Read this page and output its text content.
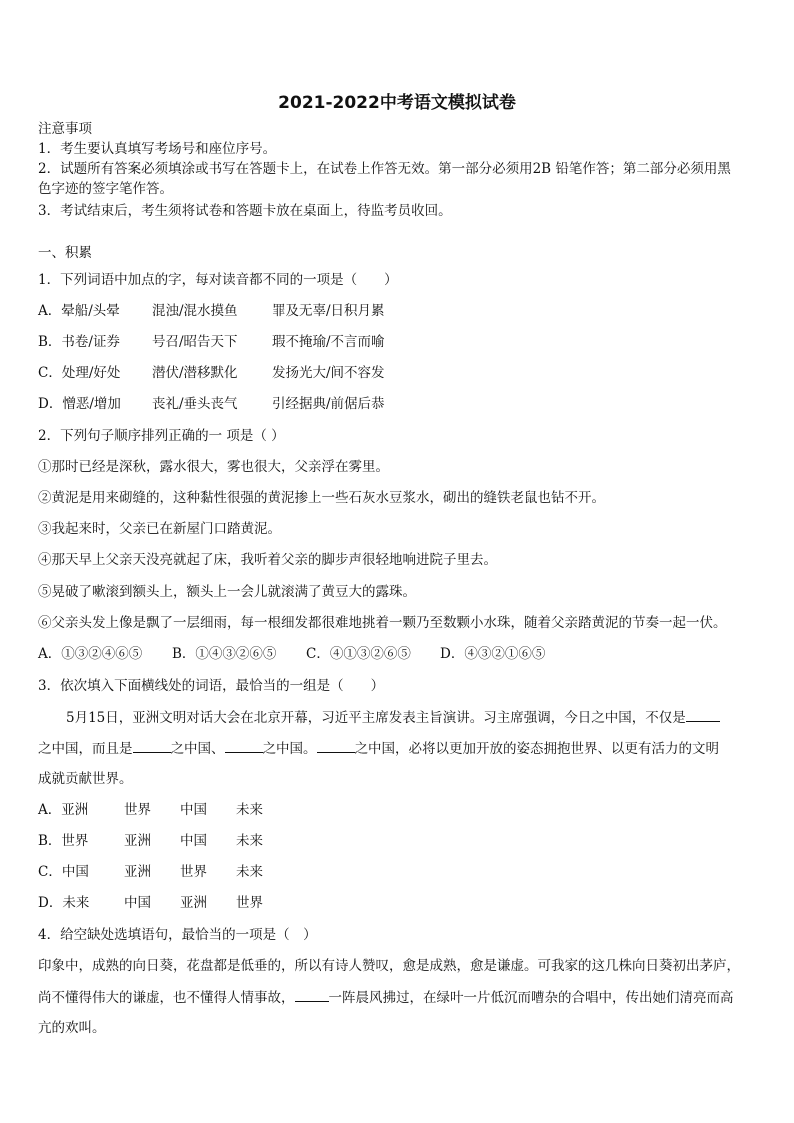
2021-2022中考语文模拟试卷
注意事项
1．考生要认真填写考场号和座位序号。
2．试题所有答案必须填涂或书写在答题卡上，在试卷上作答无效。第一部分必须用2B 铅笔作答；第二部分必须用黑
色字迹的签字笔作答。
3．考试结束后，考生须将试卷和答题卡放在桌面上，待监考员收回。
一、积累
1．下列词语中加点的字，每对读音都不同的一项是（　　）
A．晕船/头晕	混浊/混水摸鱼	罪及无辜/日积月累
B．书卷/证券	号召/昭告天下	瑕不掩瑜/不言而喻
C．处理/好处	潜伏/潜移默化	发扬光大/间不容发
D．憎恶/增加	丧礼/垂头丧气	引经据典/前倨后恭
2．下列句子顺序排列正确的一 项是（ ）
①那时已经是深秋，露水很大，雾也很大，父亲浮在雾里。
②黄泥是用来砌缝的，这种黏性很强的黄泥掺上一些石灰水豆浆水，砌出的缝铁老鼠也钻不开。
③我起来时，父亲已在新屋门口踏黄泥。
④那天早上父亲天没亮就起了床，我听着父亲的脚步声很轻地响进院子里去。
⑤晃破了嗽滚到额头上，额头上一会儿就滚满了黄豆大的露珠。
⑥父亲头发上像是飘了一层细雨，每一根细发都很难地挑着一颗乃至数颗小水珠，随着父亲踏黄泥的节奏一起一伏。
A．①③②④⑥⑤	B．①④③②⑥⑤	C．④①③②⑥⑤	D．④③②①⑥⑤
3．依次填入下面横线处的词语，最恰当的一组是（　　）
5月15日，亚洲文明对话大会在北京开幕，习近平主席发表主旨演讲。习主席强调，今日之中国，不仅是
之中国，而且是	之中国、	之中国。	之中国，必将以更加开放的姿态拥抱世界、以更有活力的文明
成就贡献世界。
A．亚洲	世界	中国	未来
B．世界	亚洲	中国	未来
C．中国	亚洲	世界	未来
D．未来	中国	亚洲	世界
4．给空缺处选填语句，最恰当的一项是（　）
印象中，成熟的向日葵，花盘都是低垂的，所以有诗人赞叹，愈是成熟，愈是谦虚。可我家的这几株向日葵初出茅庐，
尚不懂得伟大的谦虚，也不懂得人情事故，	一阵晨风拂过，在绿叶一片低沉而嘈杂的合唱中，传出她们清亮而高
亢的欢叫。
